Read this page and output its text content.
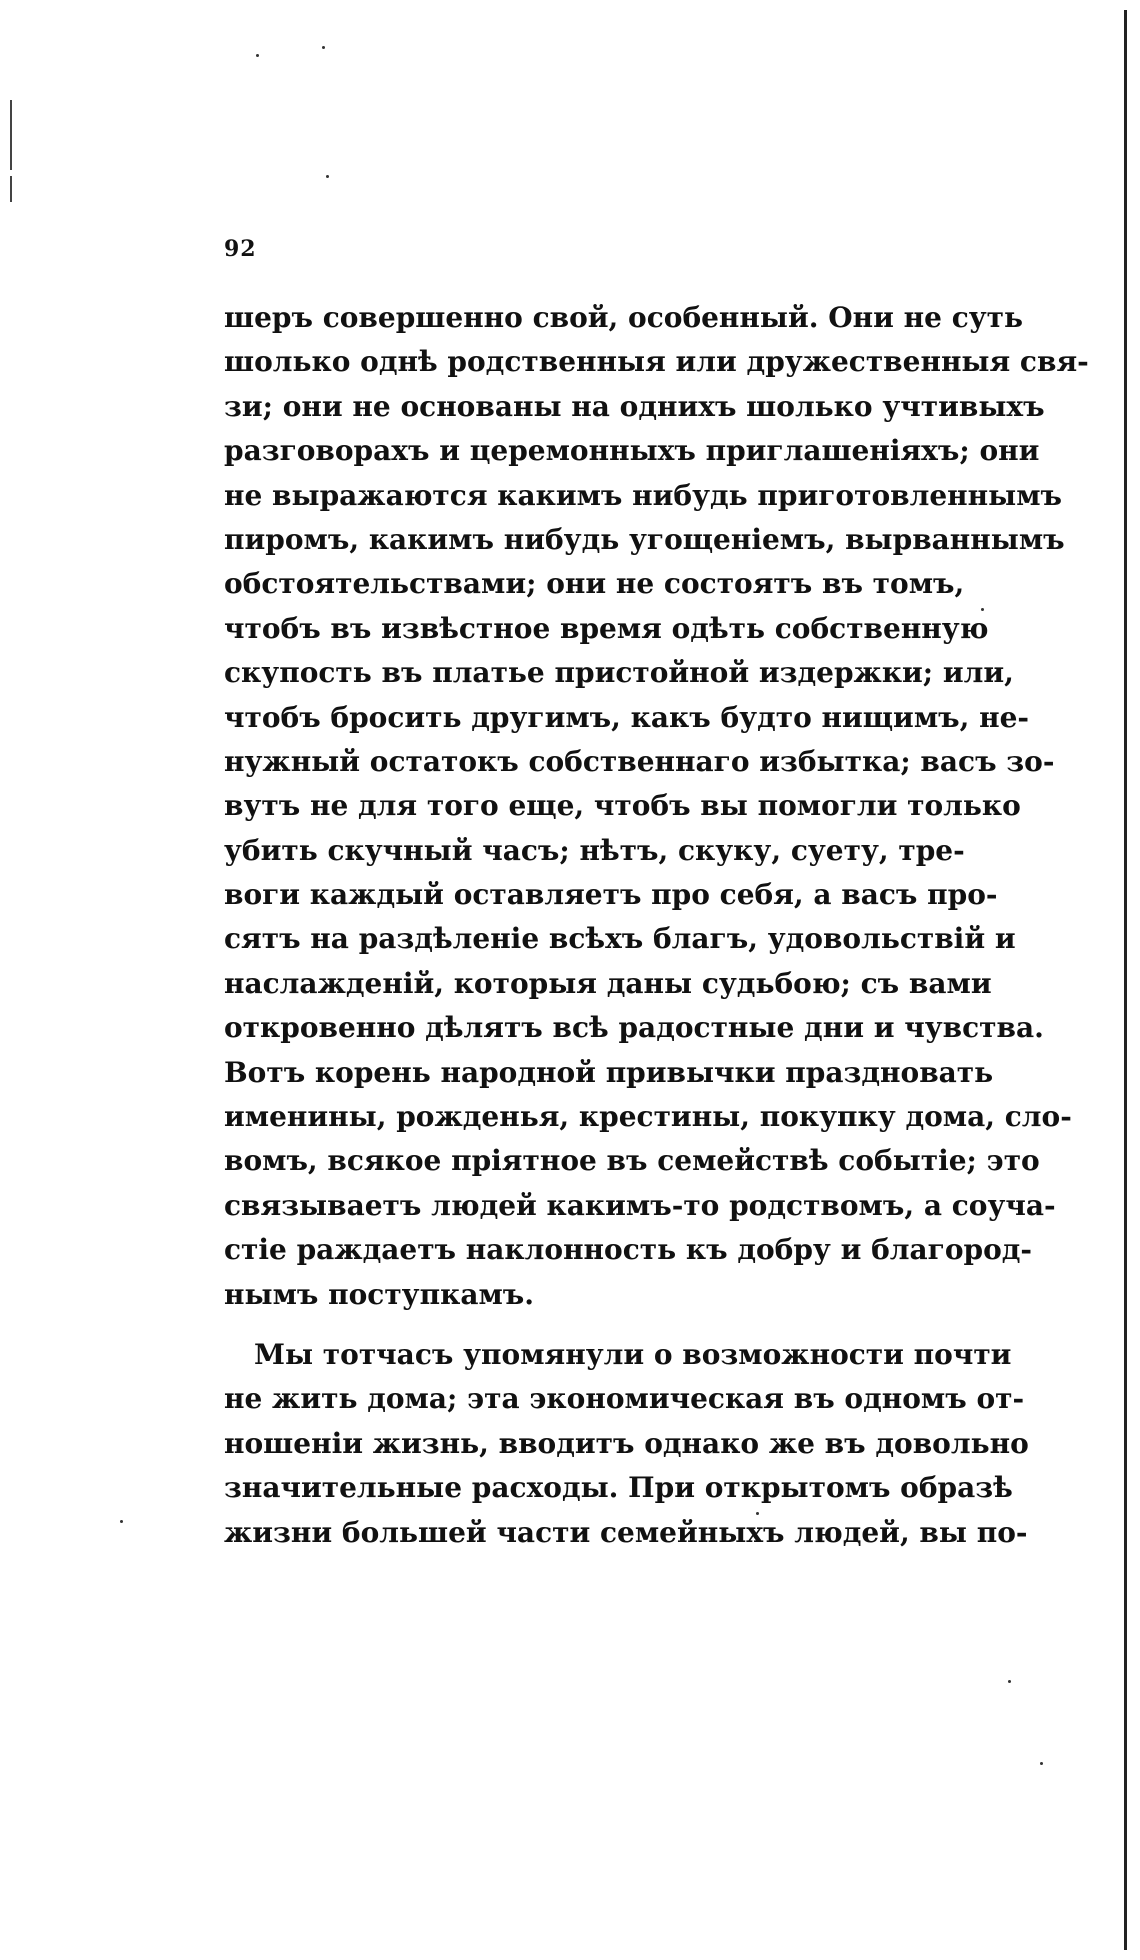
92
шеръ совершенно свой, особенный. Они не суть
шолько однѣ родственныя или дружественныя свя-
зи; они не основаны на однихъ шолько учтивыхъ
разговорахъ и церемонныхъ приглашеніяхъ; они
не выражаются какимъ нибудь приготовленнымъ
пиромъ, какимъ нибудь угощеніемъ, вырваннымъ
обстоятельствами; они не состоятъ въ томъ,
чтобъ въ извѣстное время одѣть собственную
скупость въ платье пристойной издержки; или,
чтобъ бросить другимъ, какъ будто нищимъ, не-
нужный остатокъ собственнаго избытка; васъ зо-
вутъ не для того еще, чтобъ вы помогли только
убить скучный часъ; нѣтъ, скуку, суету, тре-
воги каждый оставляетъ про себя, а васъ про-
сятъ на раздѣленіе всѣхъ благъ, удовольствій и
наслажденій, которыя даны судьбою; съ вами
откровенно дѣлятъ всѣ радостные дни и чувства.
Вотъ корень народной привычки праздновать
именины, рожденья, крестины, покупку дома, сло-
вомъ, всякое пріятное въ семействѣ событіе; это
связываетъ людей какимъ-то родствомъ, а соуча-
стіе раждаетъ наклонность къ добру и благород-
нымъ поступкамъ.
Мы тотчасъ упомянули о возможности почти
не жить дома; эта экономическая въ одномъ от-
ношеніи жизнь, вводитъ однако же въ довольно
значительные расходы. При открытомъ образѣ
жизни большей части семейныхъ людей, вы по-
